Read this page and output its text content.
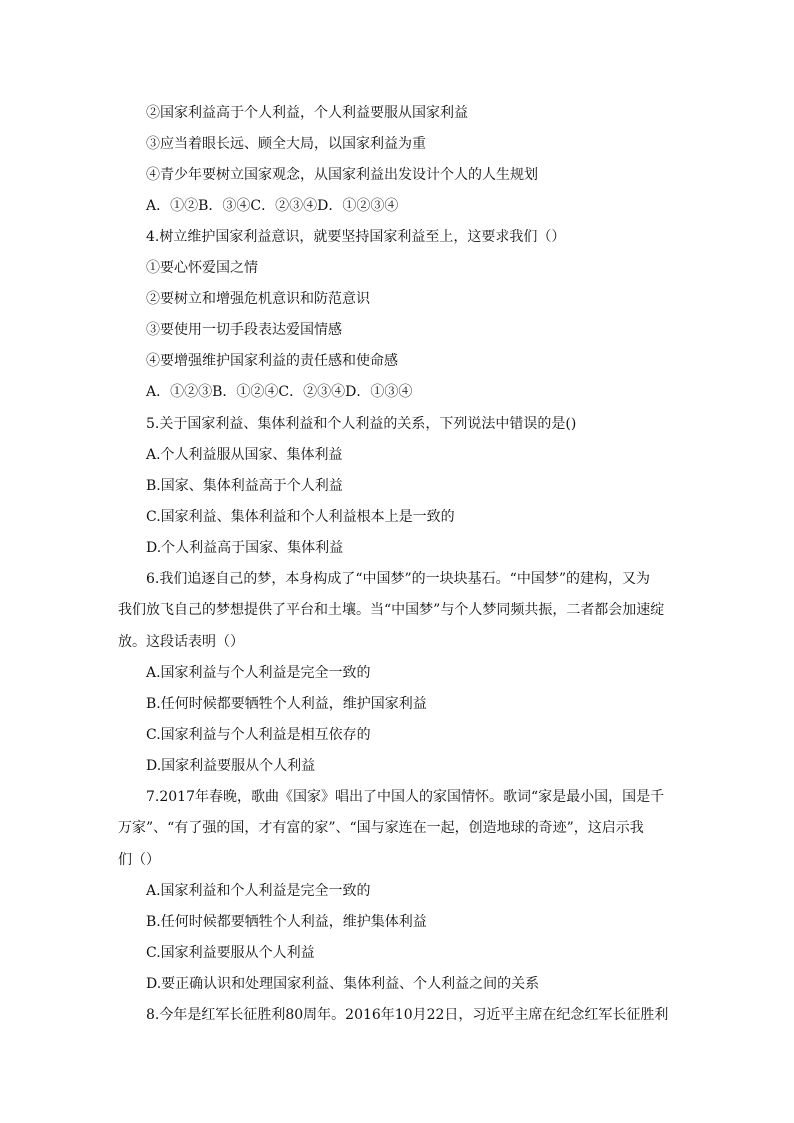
②国家利益高于个人利益，个人利益要服从国家利益
③应当着眼长远、顾全大局，以国家利益为重
④青少年要树立国家观念，从国家利益出发设计个人的人生规划
A．①②B．③④C．②③④D．①②③④
4.树立维护国家利益意识，就要坚持国家利益至上，这要求我们（）
①要心怀爱国之情
②要树立和增强危机意识和防范意识
③要使用一切手段表达爱国情感
④要增强维护国家利益的责任感和使命感
A．①②③B．①②④C．②③④D．①③④
5.关于国家利益、集体利益和个人利益的关系，下列说法中错误的是()
A.个人利益服从国家、集体利益
B.国家、集体利益高于个人利益
C.国家利益、集体利益和个人利益根本上是一致的
D.个人利益高于国家、集体利益
6.我们追逐自己的梦，本身构成了“中国梦”的一块块基石。“中国梦”的建构，又为
我们放飞自己的梦想提供了平台和土壤。当“中国梦”与个人梦同频共振，二者都会加速绽
放。这段话表明（）
A.国家利益与个人利益是完全一致的
B.任何时候都要牺牲个人利益，维护国家利益
C.国家利益与个人利益是相互依存的
D.国家利益要服从个人利益
7.2017年春晚，歌曲《国家》唱出了中国人的家国情怀。歌词“家是最小国，国是千
万家”、“有了强的国，才有富的家”、“国与家连在一起，创造地球的奇迹”，这启示我
们（）
A.国家利益和个人利益是完全一致的
B.任何时候都要牺牲个人利益，维护集体利益
C.国家利益要服从个人利益
D.要正确认识和处理国家利益、集体利益、个人利益之间的关系
8.今年是红军长征胜利80周年。2016年10月22日，习近平主席在纪念红军长征胜利
